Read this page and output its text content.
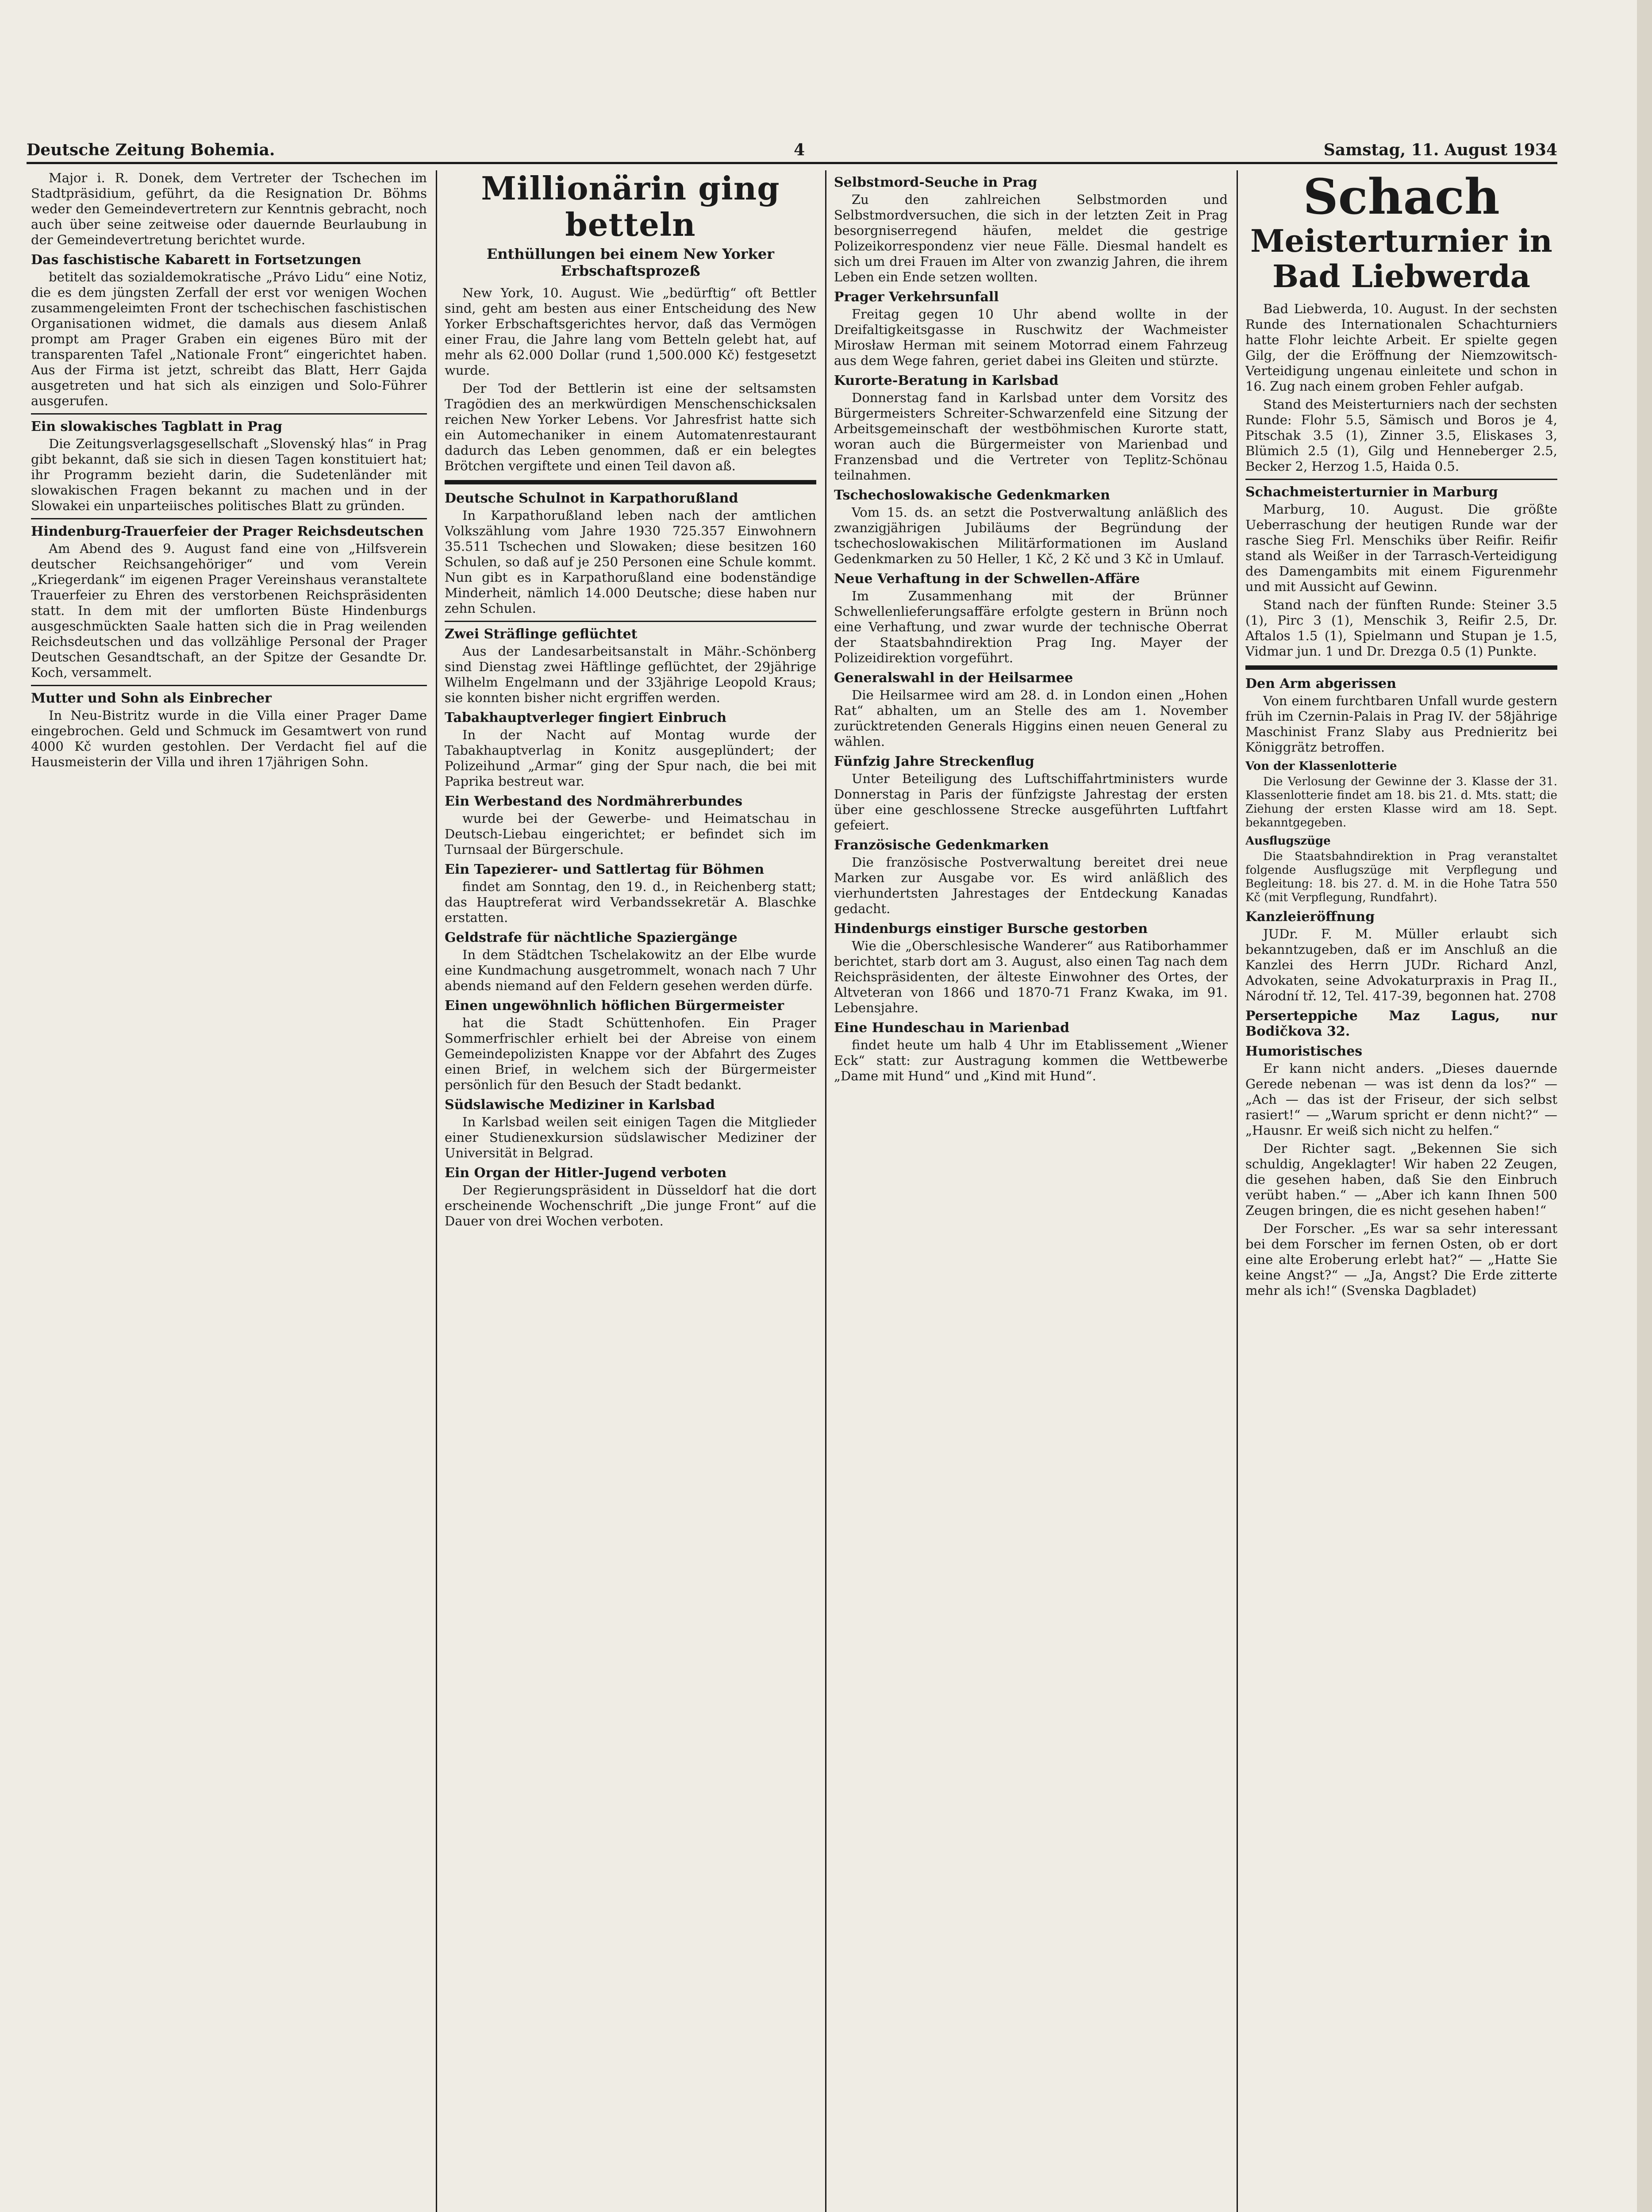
Deutsche Zeitung Bohemia.	4	Samstag, 11. August 1934

Major i. R. Donek, dem Vertreter der Tschechen im Stadtpräsidium, geführt, da die Resignation Dr. Böhms weder den Gemeindevertretern zur Kenntnis gebracht, noch auch über seine zeitweise oder dauernde Beurlaubung in der Gemeindevertretung berichtet wurde.

Das faschistische Kabarett in Fortsetzungen

betitelt das sozialdemokratische „Právo Lidu“ eine Notiz, die es dem jüngsten Zerfall der erst vor wenigen Wochen zusammengeleimten Front der tschechischen faschistischen Organisationen widmet, die damals aus diesem Anlaß prompt am Prager Graben ein eigenes Büro mit der transparenten Tafel „Nationale Front“ eingerichtet haben. Aus der Firma ist jetzt, schreibt das Blatt, Herr Gajda ausgetreten und hat sich als einzigen und Solo-Führer ausgerufen.

Ein slowakisches Tagblatt in Prag

Die Zeitungsverlagsgesellschaft „Slovenský hlas“ in Prag gibt bekannt, daß sie sich in diesen Tagen konstituiert hat; ihr Programm bezieht darin, die Sudetenländer mit slowakischen Fragen bekannt zu machen und in der Slowakei ein unparteiisches politisches Blatt zu gründen.

Hindenburg-Trauerfeier der Prager Reichsdeutschen

Am Abend des 9. August fand eine von „Hilfsverein deutscher Reichsangehöriger“ und vom Verein „Kriegerdank“ im eigenen Prager Vereinshaus veranstaltete Trauerfeier zu Ehren des verstorbenen Reichspräsidenten statt. In dem mit der umflorten Büste Hindenburgs ausgeschmückten Saale hatten sich die in Prag weilenden Reichsdeutschen und das vollzählige Personal der Prager Deutschen Gesandtschaft, an der Spitze der Gesandte Dr. Koch, versammelt.

Mutter und Sohn als Einbrecher

In Neu-Bistritz wurde in die Villa einer Prager Dame eingebrochen. Geld und Schmuck im Gesamtwert von rund 4000 Kč wurden gestohlen. Der Verdacht fiel auf die Hausmeisterin der Villa und ihren 17jährigen Sohn.

Millionärin ging betteln
Enthüllungen bei einem New Yorker Erbschaftsprozeß

New York, 10. August. Wie „bedürftig“ oft Bettler sind, geht am besten aus einer Entscheidung des New Yorker Erbschaftsgerichtes hervor, daß das Vermögen einer Frau, die Jahre lang vom Betteln gelebt hat, auf mehr als 62.000 Dollar (rund 1,500.000 Kč) festgesetzt wurde.

Der Tod der Bettlerin ist eine der seltsamsten Tragödien des an merkwürdigen Menschenschicksalen reichen New Yorker Lebens. Vor Jahresfrist hatte sich ein Automechaniker in einem Automatenrestaurant dadurch das Leben genommen, daß er ein belegtes Brötchen vergiftete und einen Teil davon aß.

Deutsche Schulnot in Karpathorußland

In Karpathorußland leben nach der amtlichen Volkszählung vom Jahre 1930 725.357 Einwohnern 35.511 Tschechen und Slowaken; diese besitzen 160 Schulen, so daß auf je 250 Personen eine Schule kommt. Nun gibt es in Karpathorußland eine bodenständige Minderheit, nämlich 14.000 Deutsche; diese haben nur zehn Schulen.

Zwei Sträflinge geflüchtet

Aus der Landesarbeitsanstalt in Mähr.-Schönberg sind Dienstag zwei Häftlinge geflüchtet, der 29jährige Wilhelm Engelmann und der 33jährige Leopold Kraus; sie konnten bisher nicht ergriffen werden.

Tabakhauptverleger fingiert Einbruch

In der Nacht auf Montag wurde der Tabakhauptverlag in Konitz ausgeplündert; der Polizeihund „Armar“ ging der Spur nach, die bei mit Paprika bestreut war.

Ein Werbestand des Nordmährerbundes

wurde bei der Gewerbe- und Heimatschau in Deutsch-Liebau eingerichtet; er befindet sich im Turnsaal der Bürgerschule.

Ein Tapezierer- und Sattlertag für Böhmen

findet am Sonntag, den 19. d., in Reichenberg statt; das Hauptreferat wird Verbandssekretär A. Blaschke erstatten.

Geldstrafe für nächtliche Spaziergänge

In dem Städtchen Tschelakowitz an der Elbe wurde eine Kundmachung ausgetrommelt, wonach nach 7 Uhr abends niemand auf den Feldern gesehen werden dürfe.

Einen ungewöhnlich höflichen Bürgermeister

hat die Stadt Schüttenhofen. Ein Prager Sommerfrischler erhielt bei der Abreise von einem Gemeindepolizisten Knappe vor der Abfahrt des Zuges einen Brief, in welchem sich der Bürgermeister persönlich für den Besuch der Stadt bedankt.

Südslawische Mediziner in Karlsbad

In Karlsbad weilen seit einigen Tagen die Mitglieder einer Studienexkursion südslawischer Mediziner der Universität in Belgrad.

Ein Organ der Hitler-Jugend verboten

Der Regierungspräsident in Düsseldorf hat die dort erscheinende Wochenschrift „Die junge Front“ auf die Dauer von drei Wochen verboten.

Selbstmord-Seuche in Prag

Zu den zahlreichen Selbstmorden und Selbstmordversuchen, die sich in der letzten Zeit in Prag besorgniserregend häufen, meldet die gestrige Polizeikorrespondenz vier neue Fälle. Diesmal handelt es sich um drei Frauen im Alter von zwanzig Jahren, die ihrem Leben ein Ende setzen wollten.

Prager Verkehrsunfall

Freitag gegen 10 Uhr abend wollte in der Dreifaltigkeitsgasse in Ruschwitz der Wachmeister Mirosław Herman mit seinem Motorrad einem Fahrzeug aus dem Wege fahren, geriet dabei ins Gleiten und stürzte.

Kurorte-Beratung in Karlsbad

Donnerstag fand in Karlsbad unter dem Vorsitz des Bürgermeisters Schreiter-Schwarzenfeld eine Sitzung der Arbeitsgemeinschaft der westböhmischen Kurorte statt, woran auch die Bürgermeister von Marienbad und Franzensbad und die Vertreter von Teplitz-Schönau teilnahmen.

Tschechoslowakische Gedenkmarken

Vom 15. ds. an setzt die Postverwaltung anläßlich des zwanzigjährigen Jubiläums der Begründung der tschechoslowakischen Militärformationen im Ausland Gedenkmarken zu 50 Heller, 1 Kč, 2 Kč und 3 Kč in Umlauf.

Neue Verhaftung in der Schwellen-Affäre

Im Zusammenhang mit der Brünner Schwellenlieferungsaffäre erfolgte gestern in Brünn noch eine Verhaftung, und zwar wurde der technische Oberrat der Staatsbahndirektion Prag Ing. Mayer der Polizeidirektion vorgeführt.

Generalswahl in der Heilsarmee

Die Heilsarmee wird am 28. d. in London einen „Hohen Rat“ abhalten, um an Stelle des am 1. November zurücktretenden Generals Higgins einen neuen General zu wählen.

Fünfzig Jahre Streckenflug

Unter Beteiligung des Luftschiffahrtministers wurde Donnerstag in Paris der fünfzigste Jahrestag der ersten über eine geschlossene Strecke ausgeführten Luftfahrt gefeiert.

Französische Gedenkmarken

Die französische Postverwaltung bereitet drei neue Marken zur Ausgabe vor. Es wird anläßlich des vierhundertsten Jahrestages der Entdeckung Kanadas gedacht.

Hindenburgs einstiger Bursche gestorben

Wie die „Oberschlesische Wanderer“ aus Ratiborhammer berichtet, starb dort am 3. August, also einen Tag nach dem Reichspräsidenten, der älteste Einwohner des Ortes, der Altveteran von 1866 und 1870-71 Franz Kwaka, im 91. Lebensjahre.

Eine Hundeschau in Marienbad

findet heute um halb 4 Uhr im Etablissement „Wiener Eck“ statt: zur Austragung kommen die Wettbewerbe „Dame mit Hund“ und „Kind mit Hund“.

Schach
Meisterturnier in Bad Liebwerda

Bad Liebwerda, 10. August. In der sechsten Runde des Internationalen Schachturniers hatte Flohr leichte Arbeit. Er spielte gegen Gilg, der die Eröffnung der Niemzowitsch-Verteidigung ungenau einleitete und schon in 16. Zug nach einem groben Fehler aufgab.

Stand des Meisterturniers nach der sechsten Runde: Flohr 5.5, Sämisch und Boros je 4, Pitschak 3.5 (1), Zinner 3.5, Eliskases 3, Blümich 2.5 (1), Gilg und Henneberger 2.5, Becker 2, Herzog 1.5, Haida 0.5.

Schachmeisterturnier in Marburg

Marburg, 10. August. Die größte Ueberraschung der heutigen Runde war der rasche Sieg Frl. Menschiks über Reifir. Reifir stand als Weißer in der Tarrasch-Verteidigung des Damengambits mit einem Figurenmehr und mit Aussicht auf Gewinn.

Stand nach der fünften Runde: Steiner 3.5 (1), Pirc 3 (1), Menschik 3, Reifir 2.5, Dr. Aftalos 1.5 (1), Spielmann und Stupan je 1.5, Vidmar jun. 1 und Dr. Drezga 0.5 (1) Punkte.

Den Arm abgerissen

Von einem furchtbaren Unfall wurde gestern früh im Czernin-Palais in Prag IV. der 58jährige Maschinist Franz Slaby aus Prednieritz bei Königgrätz betroffen.

Von der Klassenlotterie

Die Verlosung der Gewinne der 3. Klasse der 31. Klassenlotterie findet am 18. bis 21. d. Mts. statt; die Ziehung der ersten Klasse wird am 18. Sept. bekanntgegeben.

Ausflugszüge

Die Staatsbahndirektion in Prag veranstaltet folgende Ausflugszüge mit Verpflegung und Begleitung: 18. bis 27. d. M. in die Hohe Tatra 550 Kč (mit Verpflegung, Rundfahrt).

Kanzleieröffnung

JUDr. F. M. Müller erlaubt sich bekanntzugeben, daß er im Anschluß an die Kanzlei des Herrn JUDr. Richard Anzl, Advokaten, seine Advokaturpraxis in Prag II., Národní tř. 12, Tel. 417-39, begonnen hat. 2708

Perserteppiche Maz Lagus, nur Bodičkova 32.
Humoristisches

Er kann nicht anders. „Dieses dauernde Gerede nebenan — was ist denn da los?“ — „Ach — das ist der Friseur, der sich selbst rasiert!“ — „Warum spricht er denn nicht?“ — „Hausnr. Er weiß sich nicht zu helfen.“

Der Richter sagt. „Bekennen Sie sich schuldig, Angeklagter! Wir haben 22 Zeugen, die gesehen haben, daß Sie den Einbruch verübt haben.“ — „Aber ich kann Ihnen 500 Zeugen bringen, die es nicht gesehen haben!“

Der Forscher. „Es war sa sehr interessant bei dem Forscher im fernen Osten, ob er dort eine alte Eroberung erlebt hat?“ — „Hatte Sie keine Angst?“ — „Ja, Angst? Die Erde zitterte mehr als ich!“ (Svenska Dagbladet)
